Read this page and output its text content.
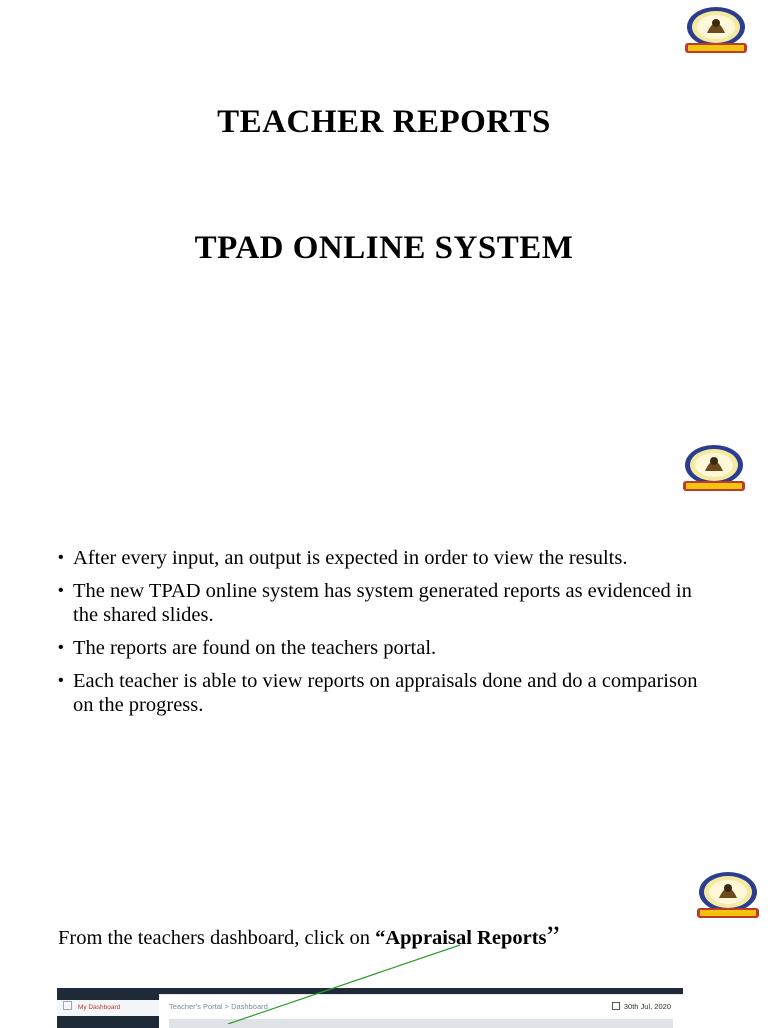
TEACHER REPORTS
TPAD ONLINE SYSTEM
• After every input, an output is expected in order to view the results.
• The new TPAD online system has system generated reports as evidenced in the shared slides.
• The reports are found on the teachers portal.
• Each teacher is able to view reports on appraisals done and do a comparison on the progress.
From the teachers dashboard, click on “Appraisal Reports”
My Dashboard	Teacher's Portal > Dashboard	30th Jul, 2020
